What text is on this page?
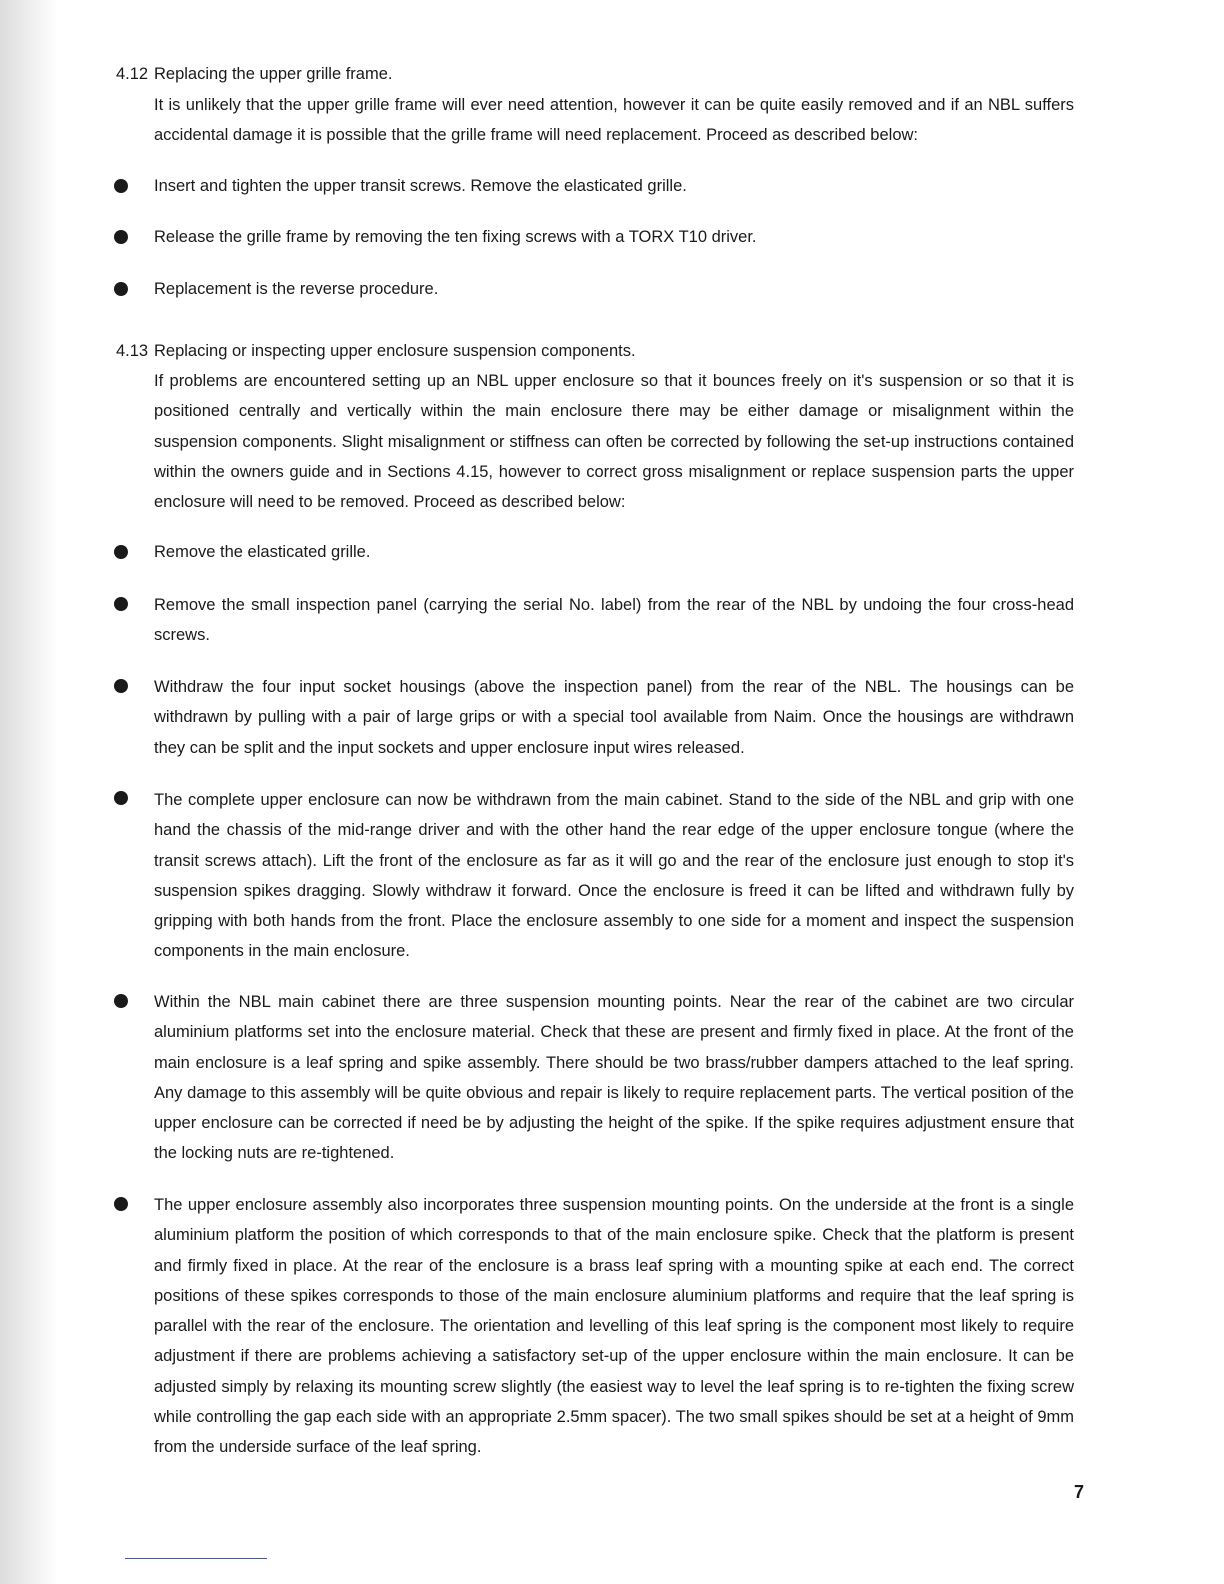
4.12 Replacing the upper grille frame.

It is unlikely that the upper grille frame will ever need attention, however it can be quite easily removed and if an NBL suffers accidental damage it is possible that the grille frame will need replacement. Proceed as described below:

Insert and tighten the upper transit screws. Remove the elasticated grille.

Release the grille frame by removing the ten fixing screws with a TORX T10 driver.

Replacement is the reverse procedure.

4.13 Replacing or inspecting upper enclosure suspension components.

If problems are encountered setting up an NBL upper enclosure so that it bounces freely on it's suspension or so that it is positioned centrally and vertically within the main enclosure there may be either damage or misalignment within the suspension components. Slight misalignment or stiffness can often be corrected by following the set-up instructions contained within the owners guide and in Sections 4.15, however to correct gross misalignment or replace suspension parts the upper enclosure will need to be removed. Proceed as described below:

Remove the elasticated grille.

Remove the small inspection panel (carrying the serial No. label) from the rear of the NBL by undoing the four cross-head screws.

Withdraw the four input socket housings (above the inspection panel) from the rear of the NBL. The housings can be withdrawn by pulling with a pair of large grips or with a special tool available from Naim. Once the housings are withdrawn they can be split and the input sockets and upper enclosure input wires released.

The complete upper enclosure can now be withdrawn from the main cabinet. Stand to the side of the NBL and grip with one hand the chassis of the mid-range driver and with the other hand the rear edge of the upper enclosure tongue (where the transit screws attach). Lift the front of the enclosure as far as it will go and the rear of the enclosure just enough to stop it's suspension spikes dragging. Slowly withdraw it forward. Once the enclosure is freed it can be lifted and withdrawn fully by gripping with both hands from the front. Place the enclosure assembly to one side for a moment and inspect the suspension components in the main enclosure.

Within the NBL main cabinet there are three suspension mounting points. Near the rear of the cabinet are two circular aluminium platforms set into the enclosure material. Check that these are present and firmly fixed in place. At the front of the main enclosure is a leaf spring and spike assembly. There should be two brass/rubber dampers attached to the leaf spring. Any damage to this assembly will be quite obvious and repair is likely to require replacement parts. The vertical position of the upper enclosure can be corrected if need be by adjusting the height of the spike. If the spike requires adjustment ensure that the locking nuts are re-tightened.

The upper enclosure assembly also incorporates three suspension mounting points. On the underside at the front is a single aluminium platform the position of which corresponds to that of the main enclosure spike. Check that the platform is present and firmly fixed in place. At the rear of the enclosure is a brass leaf spring with a mounting spike at each end. The correct positions of these spikes corresponds to those of the main enclosure aluminium platforms and require that the leaf spring is parallel with the rear of the enclosure. The orientation and levelling of this leaf spring is the component most likely to require adjustment if there are problems achieving a satisfactory set-up of the upper enclosure within the main enclosure. It can be adjusted simply by relaxing its mounting screw slightly (the easiest way to level the leaf spring is to re-tighten the fixing screw while controlling the gap each side with an appropriate 2.5mm spacer). The two small spikes should be set at a height of 9mm from the underside surface of the leaf spring.

7
